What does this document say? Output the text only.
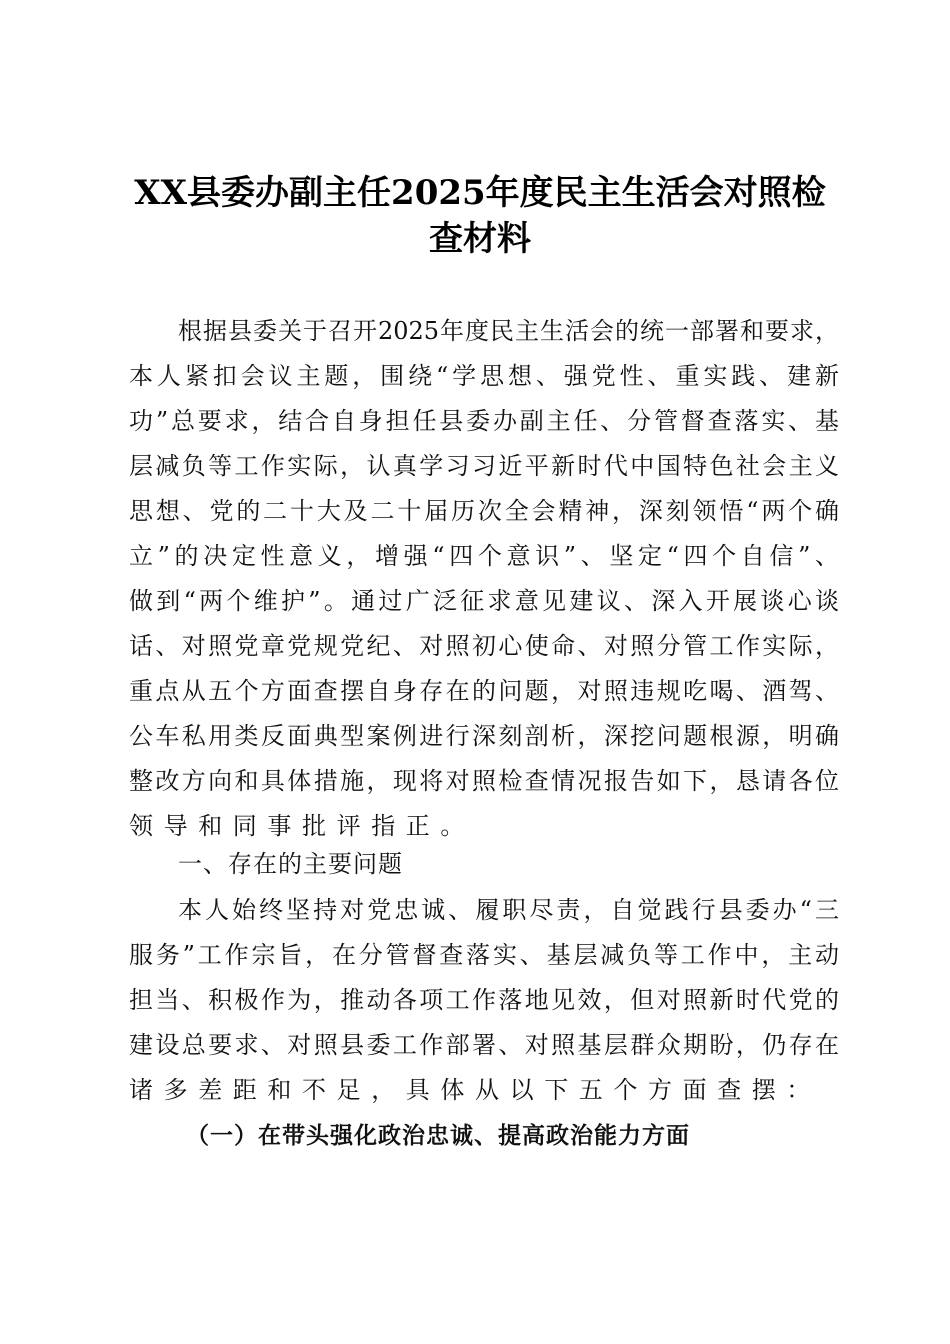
XX县委办副主任2025年度民主生活会对照检
查材料
根据县委关于召开2025年度民主生活会的统一部署和要求，
本人紧扣会议主题，围绕“学思想、强党性、重实践、建新
功”总要求，结合自身担任县委办副主任、分管督查落实、基
层减负等工作实际，认真学习习近平新时代中国特色社会主义
思想、党的二十大及二十届历次全会精神，深刻领悟“两个确
立”的决定性意义，增强“四个意识”、坚定“四个自信”、
做到“两个维护”。通过广泛征求意见建议、深入开展谈心谈
话、对照党章党规党纪、对照初心使命、对照分管工作实际，
重点从五个方面查摆自身存在的问题，对照违规吃喝、酒驾、
公车私用类反面典型案例进行深刻剖析，深挖问题根源，明确
整改方向和具体措施，现将对照检查情况报告如下，恳请各位
领导和同事批评指正。
一、存在的主要问题
本人始终坚持对党忠诚、履职尽责，自觉践行县委办“三
服务”工作宗旨，在分管督查落实、基层减负等工作中，主动
担当、积极作为，推动各项工作落地见效，但对照新时代党的
建设总要求、对照县委工作部署、对照基层群众期盼，仍存在
诸多差距和不足，具体从以下五个方面查摆：
（一）在带头强化政治忠诚、提高政治能力方面
